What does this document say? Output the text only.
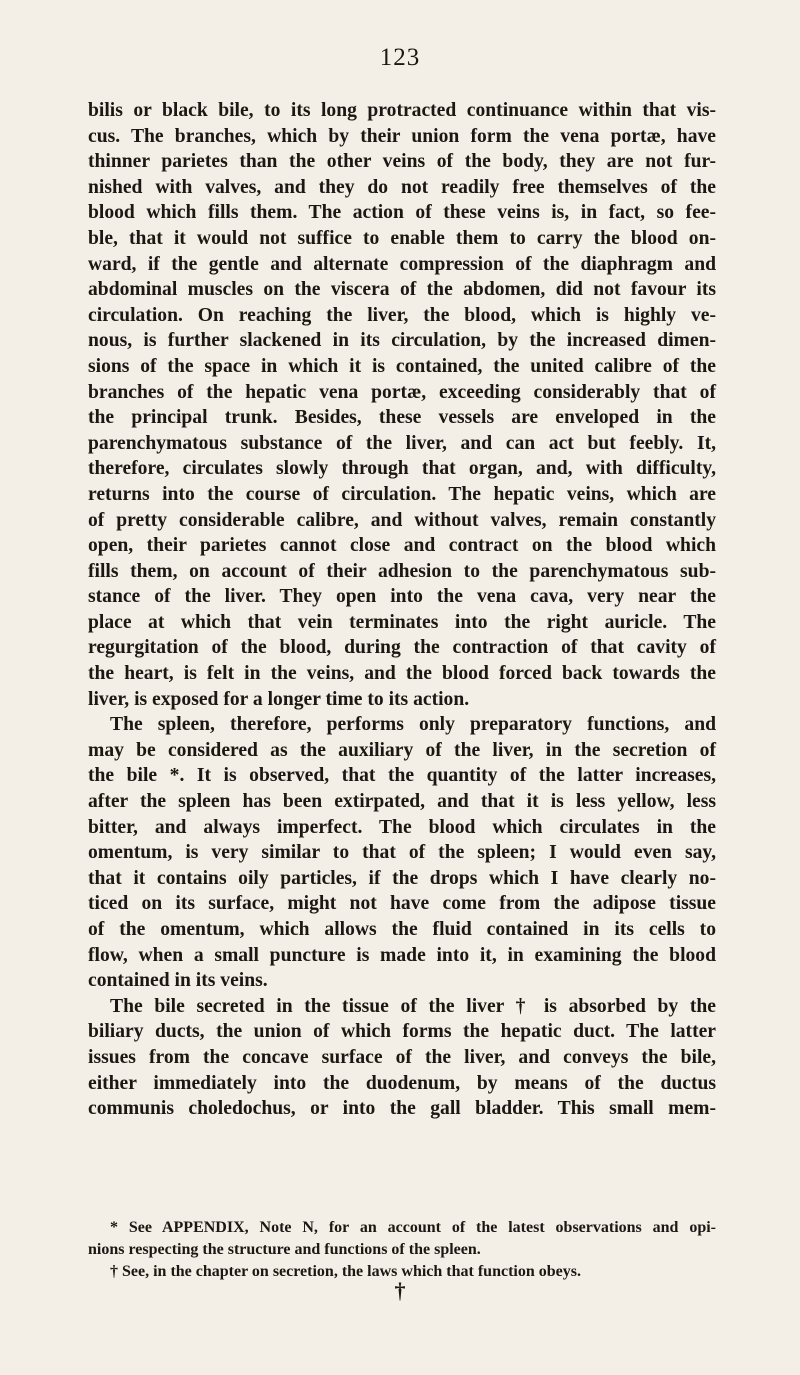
123
bilis or black bile, to its long protracted continuance within that vis-
cus. The branches, which by their union form the vena portæ, have
thinner parietes than the other veins of the body, they are not fur-
nished with valves, and they do not readily free themselves of the
blood which fills them. The action of these veins is, in fact, so fee-
ble, that it would not suffice to enable them to carry the blood on-
ward, if the gentle and alternate compression of the diaphragm and
abdominal muscles on the viscera of the abdomen, did not favour its
circulation. On reaching the liver, the blood, which is highly ve-
nous, is further slackened in its circulation, by the increased dimen-
sions of the space in which it is contained, the united calibre of the
branches of the hepatic vena portæ, exceeding considerably that of
the principal trunk. Besides, these vessels are enveloped in the
parenchymatous substance of the liver, and can act but feebly. It,
therefore, circulates slowly through that organ, and, with difficulty,
returns into the course of circulation. The hepatic veins, which are
of pretty considerable calibre, and without valves, remain constantly
open, their parietes cannot close and contract on the blood which
fills them, on account of their adhesion to the parenchymatous sub-
stance of the liver. They open into the vena cava, very near the
place at which that vein terminates into the right auricle. The
regurgitation of the blood, during the contraction of that cavity of
the heart, is felt in the veins, and the blood forced back towards the
liver, is exposed for a longer time to its action.
The spleen, therefore, performs only preparatory functions, and
may be considered as the auxiliary of the liver, in the secretion of
the bile *. It is observed, that the quantity of the latter increases,
after the spleen has been extirpated, and that it is less yellow, less
bitter, and always imperfect. The blood which circulates in the
omentum, is very similar to that of the spleen; I would even say,
that it contains oily particles, if the drops which I have clearly no-
ticed on its surface, might not have come from the adipose tissue
of the omentum, which allows the fluid contained in its cells to
flow, when a small puncture is made into it, in examining the blood
contained in its veins.
The bile secreted in the tissue of the liver † is absorbed by the
biliary ducts, the union of which forms the hepatic duct. The latter
issues from the concave surface of the liver, and conveys the bile,
either immediately into the duodenum, by means of the ductus
communis choledochus, or into the gall bladder. This small mem-
* See APPENDIX, Note N, for an account of the latest observations and opi-
nions respecting the structure and functions of the spleen.
† See, in the chapter on secretion, the laws which that function obeys.
†
